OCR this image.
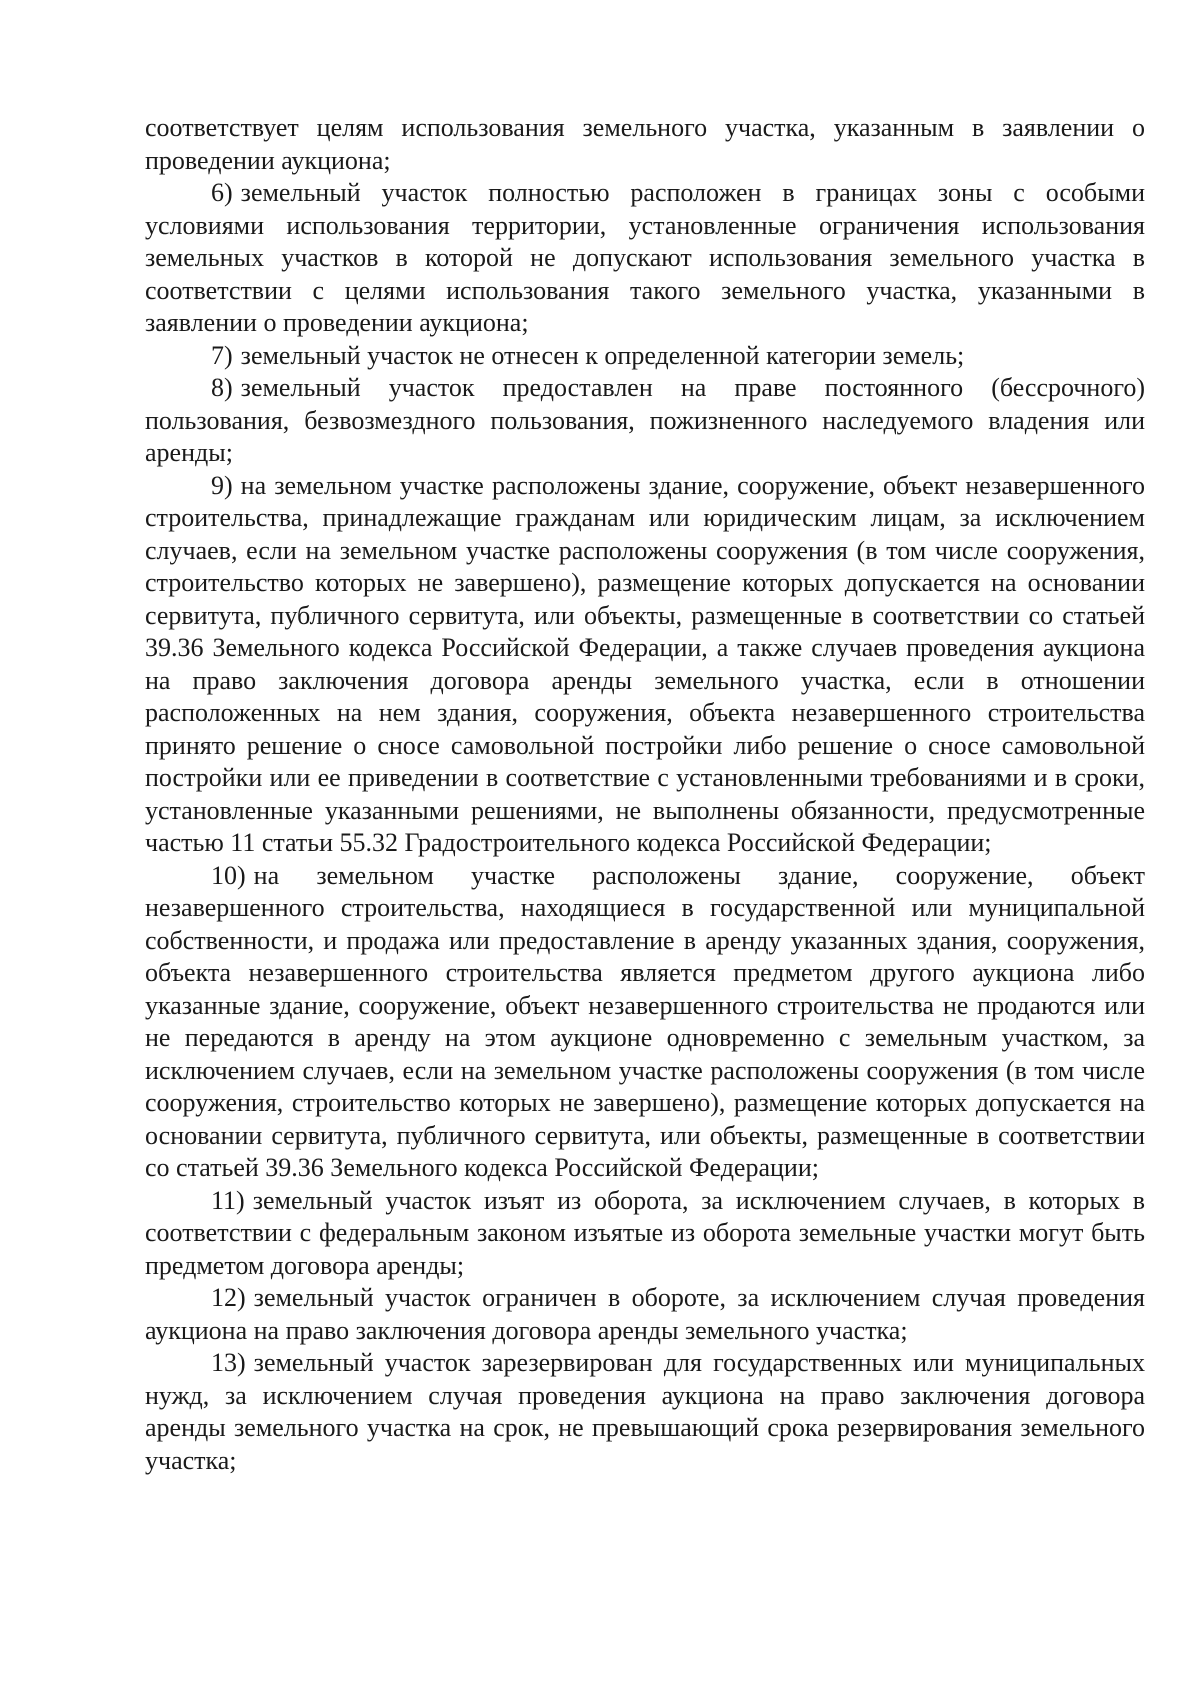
соответствует целям использования земельного участка, указанным в заявлении о проведении аукциона;

6) земельный участок полностью расположен в границах зоны с особыми условиями использования территории, установленные ограничения использования земельных участков в которой не допускают использования земельного участка в соответствии с целями использования такого земельного участка, указанными в заявлении о проведении аукциона;

7) земельный участок не отнесен к определенной категории земель;

8) земельный участок предоставлен на праве постоянного (бессрочного) пользования, безвозмездного пользования, пожизненного наследуемого владения или аренды;

9) на земельном участке расположены здание, сооружение, объект незавершенного строительства, принадлежащие гражданам или юридическим лицам, за исключением случаев, если на земельном участке расположены сооружения (в том числе сооружения, строительство которых не завершено), размещение которых допускается на основании сервитута, публичного сервитута, или объекты, размещенные в соответствии со статьей 39.36 Земельного кодекса Российской Федерации, а также случаев проведения аукциона на право заключения договора аренды земельного участка, если в отношении расположенных на нем здания, сооружения, объекта незавершенного строительства принято решение о сносе самовольной постройки либо решение о сносе самовольной постройки или ее приведении в соответствие с установленными требованиями и в сроки, установленные указанными решениями, не выполнены обязанности, предусмотренные частью 11 статьи 55.32 Градостроительного кодекса Российской Федерации;

10) на земельном участке расположены здание, сооружение, объект незавершенного строительства, находящиеся в государственной или муниципальной собственности, и продажа или предоставление в аренду указанных здания, сооружения, объекта незавершенного строительства является предметом другого аукциона либо указанные здание, сооружение, объект незавершенного строительства не продаются или не передаются в аренду на этом аукционе одновременно с земельным участком, за исключением случаев, если на земельном участке расположены сооружения (в том числе сооружения, строительство которых не завершено), размещение которых допускается на основании сервитута, публичного сервитута, или объекты, размещенные в соответствии со статьей 39.36 Земельного кодекса Российской Федерации;

11) земельный участок изъят из оборота, за исключением случаев, в которых в соответствии с федеральным законом изъятые из оборота земельные участки могут быть предметом договора аренды;

12) земельный участок ограничен в обороте, за исключением случая проведения аукциона на право заключения договора аренды земельного участка;

13) земельный участок зарезервирован для государственных или муниципальных нужд, за исключением случая проведения аукциона на право заключения договора аренды земельного участка на срок, не превышающий срока резервирования земельного участка;
